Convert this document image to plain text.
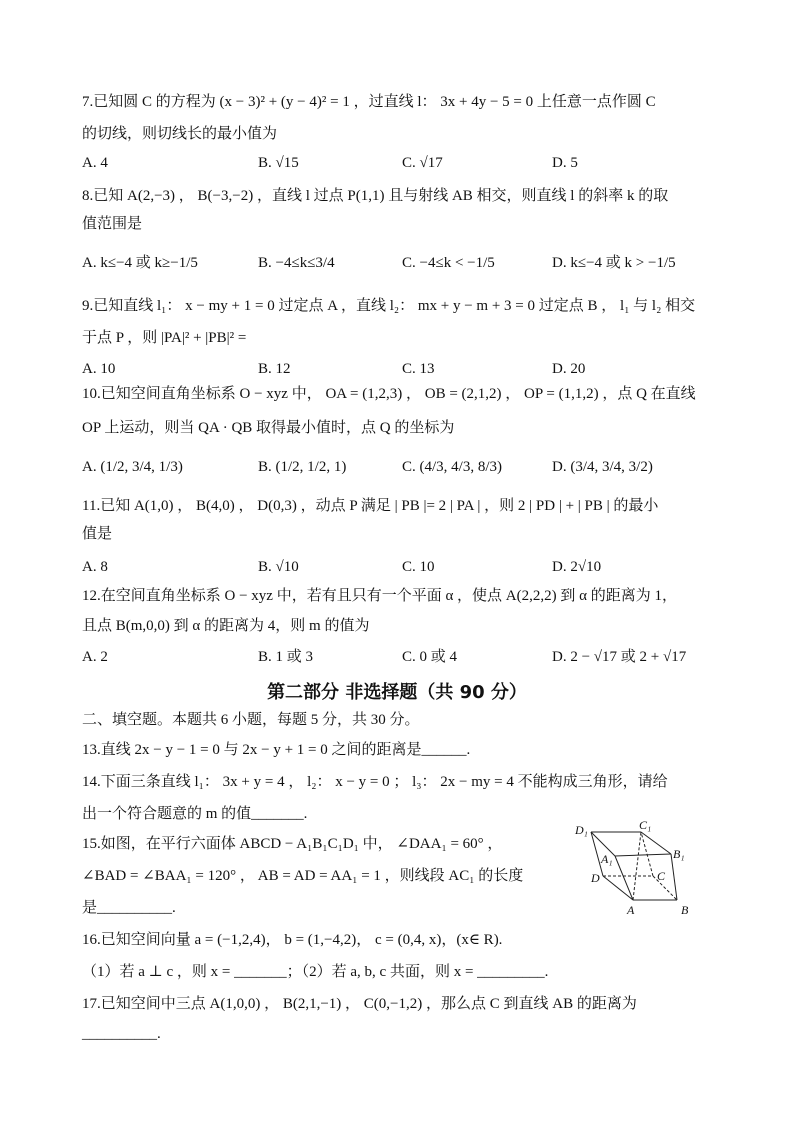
7.已知圆 C 的方程为 (x − 3)² + (y − 4)² = 1 ，过直线 l： 3x + 4y − 5 = 0 上任意一点作圆 C
的切线，则切线长的最小值为
A. 4	B. √15	C. √17	D. 5
8.已知 A(2,−3) ， B(−3,−2) ，直线 l 过点 P(1,1) 且与射线 AB 相交，则直线 l 的斜率 k 的取
值范围是
A. k≤−4 或 k≥−1/5	B. −4≤k≤3/4	C. −4≤k < −1/5	D. k≤−4 或 k > −1/5
9.已知直线 l₁： x − my + 1 = 0 过定点 A ，直线 l₂： mx + y − m + 3 = 0 过定点 B ， l₁ 与 l₂ 相交
于点 P ，则 |PA|² + |PB|² =
A. 10	B. 12	C. 13	D. 20
10.已知空间直角坐标系 O − xyz 中， OA = (1,2,3) ， OB = (2,1,2) ， OP = (1,1,2) ，点 Q 在直线
OP 上运动，则当 QA · QB 取得最小值时，点 Q 的坐标为
A. (1/2, 3/4, 1/3)	B. (1/2, 1/2, 1)	C. (4/3, 4/3, 8/3)	D. (3/4, 3/4, 3/2)
11.已知 A(1,0) ， B(4,0) ， D(0,3) ，动点 P 满足 | PB |= 2 | PA | ，则 2 | PD | + | PB | 的最小
值是
A. 8	B. √10	C. 10	D. 2√10
12.在空间直角坐标系 O − xyz 中，若有且只有一个平面 α ，使点 A(2,2,2) 到 α 的距离为 1，
且点 B(m,0,0) 到 α 的距离为 4，则 m 的值为
A. 2	B. 1 或 3	C. 0 或 4	D. 2 − √17 或 2 + √17
第二部分 非选择题（共 90 分）
二、填空题。本题共 6 小题，每题 5 分，共 30 分。
13.直线 2x − y − 1 = 0 与 2x − y + 1 = 0 之间的距离是______.
14.下面三条直线 l₁： 3x + y = 4 ， l₂： x − y = 0 ； l₃： 2x − my = 4 不能构成三角形，请给
出一个符合题意的 m 的值_______.
15.如图，在平行六面体 ABCD − A₁B₁C₁D₁ 中， ∠DAA₁ = 60° ，
∠BAD = ∠BAA₁ = 120° ， AB = AD = AA₁ = 1 ，则线段 AC₁ 的长度
是__________.
16.已知空间向量 a = (−1,2,4)， b = (1,−4,2)， c = (0,4, x)，(x∈ R).
（1）若 a ⊥ c ，则 x = _______；（2）若 a, b, c 共面，则 x = _________.
17.已知空间中三点 A(1,0,0) ， B(2,1,−1) ， C(0,−1,2) ，那么点 C 到直线 AB 的距离为
__________.
D₁	C₁
B₁
A₁
D	C
A	B
